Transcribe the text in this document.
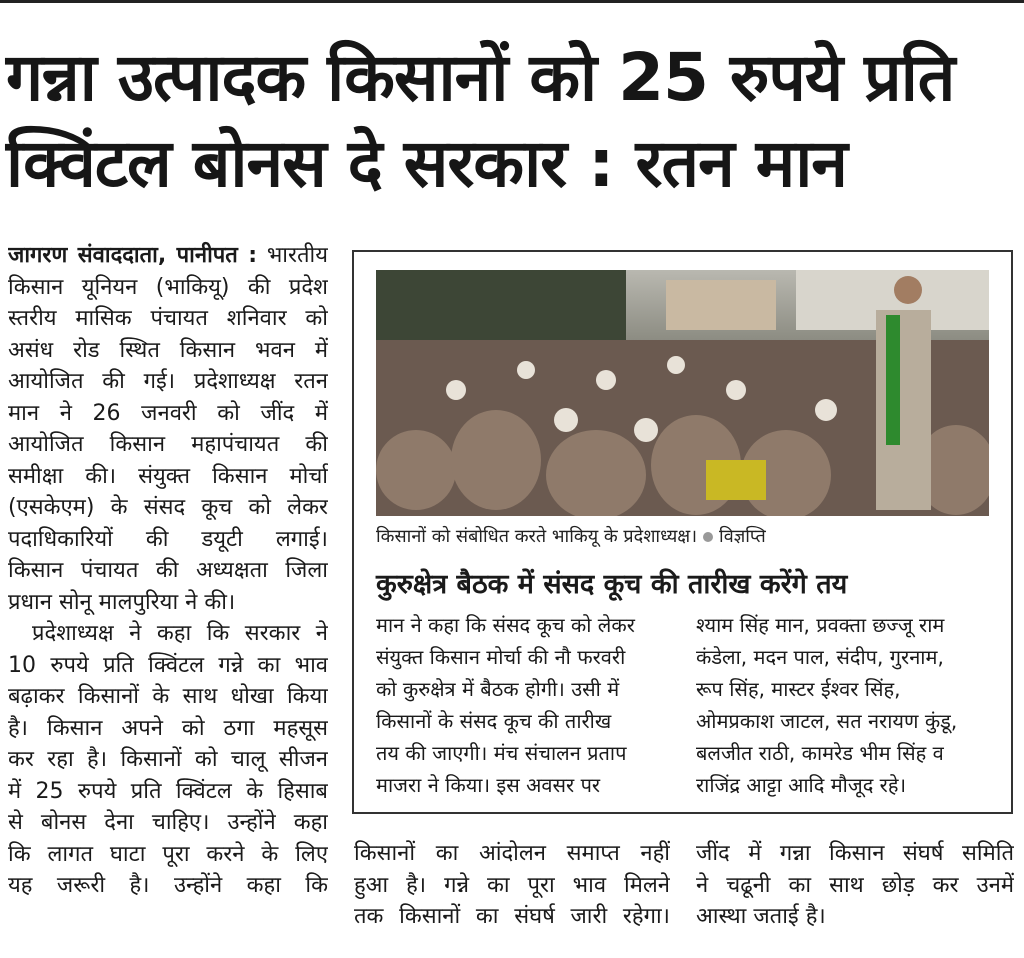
गन्ना उत्पादक किसानों को 25 रुपये प्रति
क्विंटल बोनस दे सरकार : रतन मान
जागरण संवाददाता, पानीपत : भारतीय
किसान यूनियन (भाकियू) की प्रदेश
स्तरीय मासिक पंचायत शनिवार को
असंध रोड स्थित किसान भवन में
आयोजित की गई। प्रदेशाध्यक्ष रतन
मान ने 26 जनवरी को जींद में
आयोजित किसान महापंचायत की
समीक्षा की। संयुक्त किसान मोर्चा
(एसकेएम) के संसद कूच को लेकर
पदाधिकारियों की डयूटी लगाई।
किसान पंचायत की अध्यक्षता जिला
प्रधान सोनू मालपुरिया ने की।
प्रदेशाध्यक्ष ने कहा कि सरकार ने
10 रुपये प्रति क्विंटल गन्ने का भाव
बढ़ाकर किसानों के साथ धोखा किया
है। किसान अपने को ठगा महसूस
कर रहा है। किसानों को चालू सीजन
में 25 रुपये प्रति क्विंटल के हिसाब
से बोनस देना चाहिए। उन्होंने कहा
कि लागत घाटा पूरा करने के लिए
यह जरूरी है। उन्होंने कहा कि
किसानों को संबोधित करते भाकियू के प्रदेशाध्यक्ष। विज्ञप्ति
कुरुक्षेत्र बैठक में संसद कूच की तारीख करेंगे तय
मान ने कहा कि संसद कूच को लेकर
संयुक्त किसान मोर्चा की नौ फरवरी
को कुरुक्षेत्र में बैठक होगी। उसी में
किसानों के संसद कूच की तारीख
तय की जाएगी। मंच संचालन प्रताप
माजरा ने किया। इस अवसर पर
श्याम सिंह मान, प्रवक्ता छज्जू राम
कंडेला, मदन पाल, संदीप, गुरनाम,
रूप सिंह, मास्टर ईश्वर सिंह,
ओमप्रकाश जाटल, सत नरायण कुंडू,
बलजीत राठी, कामरेड भीम सिंह व
राजिंद्र आट्टा आदि मौजूद रहे।
किसानों का आंदोलन समाप्त नहीं
हुआ है। गन्ने का पूरा भाव मिलने
तक किसानों का संघर्ष जारी रहेगा।
जींद में गन्ना किसान संघर्ष समिति
ने चढूनी का साथ छोड़ कर उनमें
आस्था जताई है।
